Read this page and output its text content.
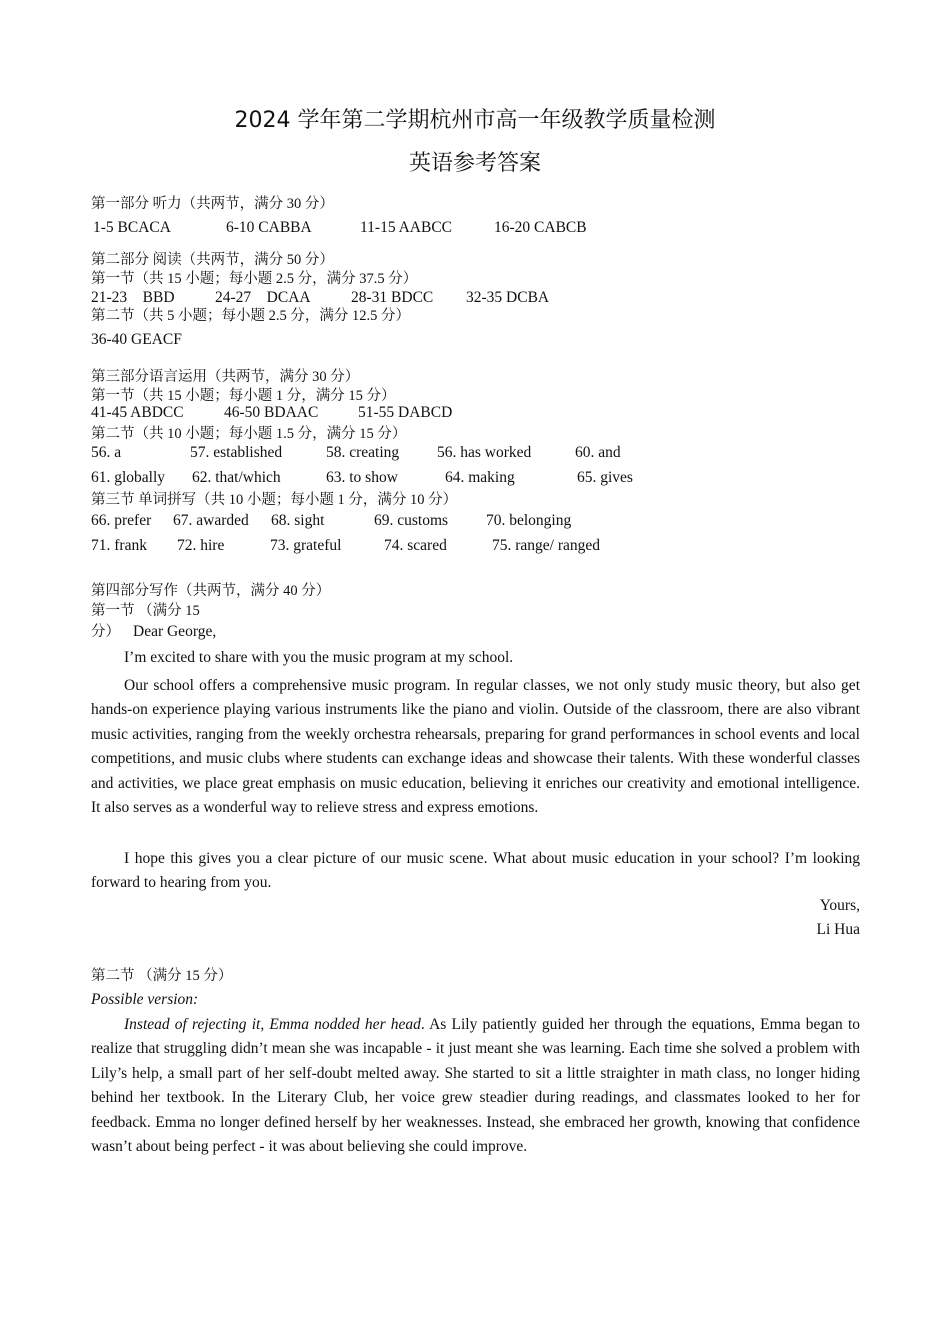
2024 学年第二学期杭州市高一年级教学质量检测
英语参考答案
第一部分 听力（共两节，满分 30 分）
1-5 BCACA	6-10 CABBA	11-15 AABCC	16-20 CABCB
第二部分 阅读（共两节，满分 50 分）
第一节（共 15 小题；每小题 2.5 分，满分 37.5 分）
21-23    BBD	24-27    DCAA	28-31 BDCC 32-35 DCBA
第二节（共 5 小题；每小题 2.5 分，满分 12.5 分）
36-40 GEACF
第三部分语言运用（共两节，满分 30 分）
第一节（共 15 小题；每小题 1 分，满分 15 分）
41-45 ABDCC	46-50 BDAAC	51-55 DABCD
第二节（共 10 小题；每小题 1.5 分，满分 15 分）
56. a	57. established	58. creating 56. has worked	60. and
61. globally 62. that/which	63. to show	64. making	65. gives
第三节 单词拼写（共 10 小题；每小题 1 分，满分 10 分）
66. prefer 67. awarded 68. sight	69. customs 70. belonging
71. frank 72. hire	73. grateful	74. scared	75. range/ ranged
第四部分写作（共两节，满分 40 分）
第一节 （满分 15
分） Dear George,
I’m excited to share with you the music program at my school.
Our school offers a comprehensive music program. In regular classes, we not only study music theory, but also get hands-on experience playing various instruments like the piano and violin. Outside of the classroom, there are also vibrant music activities, ranging from the weekly orchestra rehearsals, preparing for grand performances in school events and local competitions, and music clubs where students can exchange ideas and showcase their talents. With these wonderful classes and activities, we place great emphasis on music education, believing it enriches our creativity and emotional intelligence. It also serves as a wonderful way to relieve stress and express emotions.
I hope this gives you a clear picture of our music scene. What about music education in your school? I’m looking forward to hearing from you.
Yours,
Li Hua
第二节 （满分 15 分）
Possible version:
Instead of rejecting it, Emma nodded her head. As Lily patiently guided her through the equations, Emma began to realize that struggling didn’t mean she was incapable - it just meant she was learning. Each time she solved a problem with Lily’s help, a small part of her self-doubt melted away. She started to sit a little straighter in math class, no longer hiding behind her textbook. In the Literary Club, her voice grew steadier during readings, and classmates looked to her for feedback. Emma no longer defined herself by her weaknesses. Instead, she embraced her growth, knowing that confidence wasn’t about being perfect - it was about believing she could improve.
